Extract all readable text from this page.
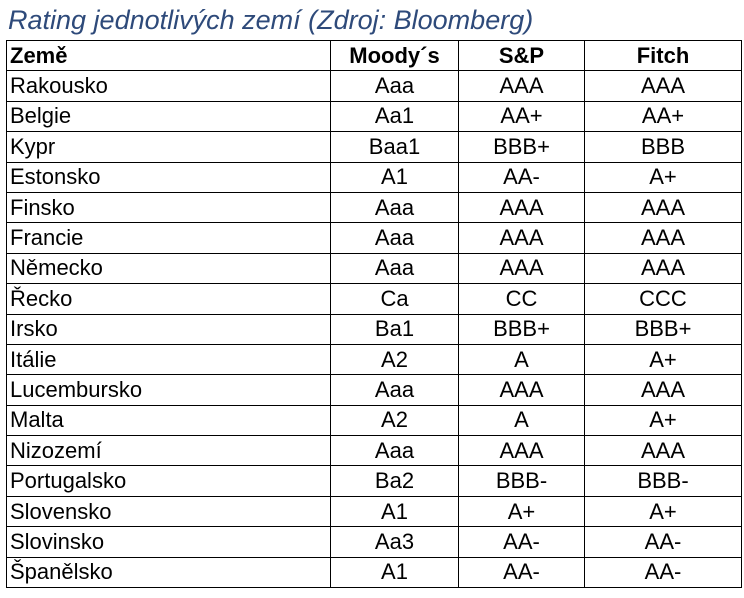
Rating jednotlivých zemí (Zdroj: Bloomberg)
Země	Moody´s	S&P	Fitch
Rakousko	Aaa	AAA	AAA
Belgie	Aa1	AA+	AA+
Kypr	Baa1	BBB+	BBB
Estonsko	A1	AA-	A+
Finsko	Aaa	AAA	AAA
Francie	Aaa	AAA	AAA
Německo	Aaa	AAA	AAA
Řecko	Ca	CC	CCC
Irsko	Ba1	BBB+	BBB+
Itálie	A2	A	A+
Lucembursko	Aaa	AAA	AAA
Malta	A2	A	A+
Nizozemí	Aaa	AAA	AAA
Portugalsko	Ba2	BBB-	BBB-
Slovensko	A1	A+	A+
Slovinsko	Aa3	AA-	AA-
Španělsko	A1	AA-	AA-
